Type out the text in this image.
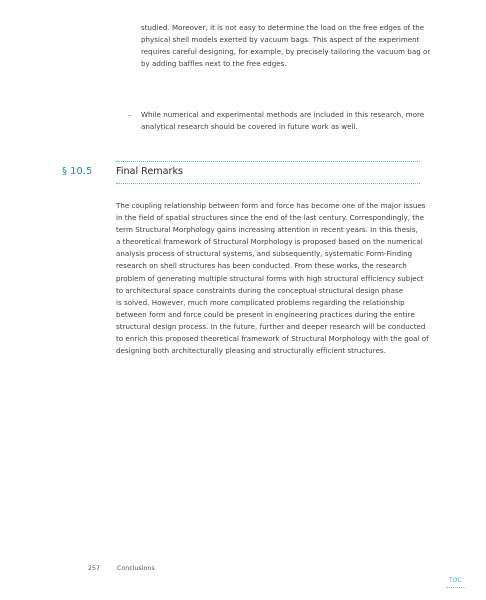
studied. Moreover, it is not easy to determine the load on the free edges of the
physical shell models exerted by vacuum bags. This aspect of the experiment
requires careful designing, for example, by precisely tailoring the vacuum bag or
by adding baffles next to the free edges.
– While numerical and experimental methods are included in this research, more
analytical research should be covered in future work as well.
§ 10.5 Final Remarks
The coupling relationship between form and force has become one of the major issues
in the field of spatial structures since the end of the last century. Correspondingly, the
term Structural Morphology gains increasing attention in recent years. In this thesis,
a theoretical framework of Structural Morphology is proposed based on the numerical
analysis process of structural systems, and subsequently, systematic Form-Finding
research on shell structures has been conducted. From these works, the research
problem of generating multiple structural forms with high structural efficiency subject
to architectural space constraints during the conceptual structural design phase
is solved. However, much more complicated problems regarding the relationship
between form and force could be present in engineering practices during the entire
structural design process. In the future, further and deeper research will be conducted
to enrich this proposed theoretical framework of Structural Morphology with the goal of
designing both architecturally pleasing and structurally efficient structures.
257	Conclusions
TOC
